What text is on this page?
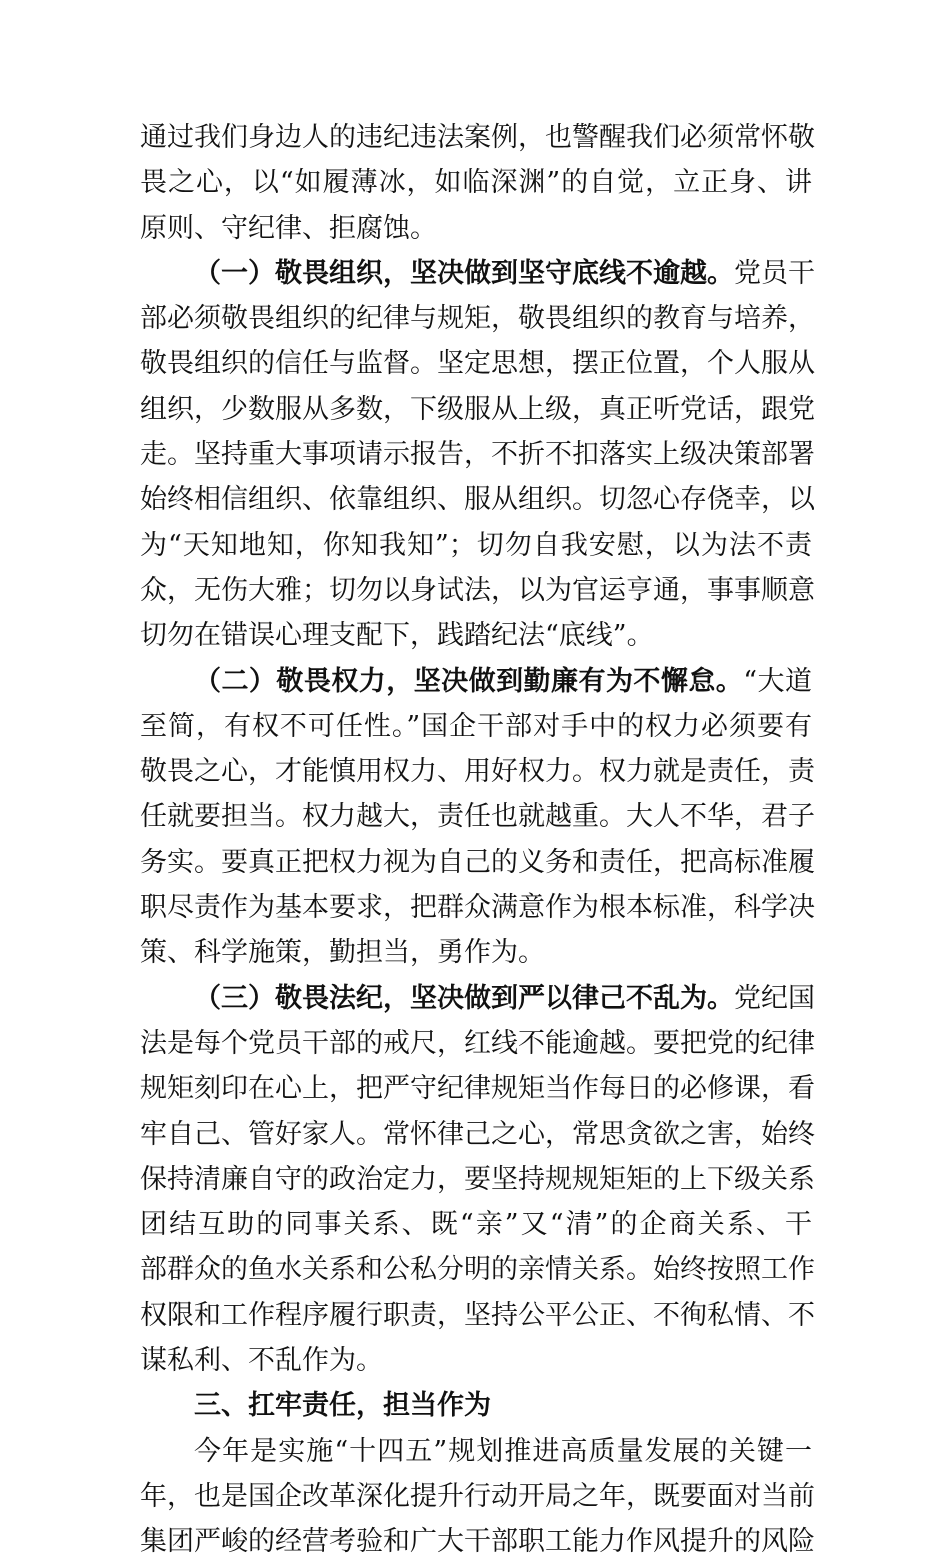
通过我们身边人的违纪违法案例，也警醒我们必须常怀敬
畏之心，以“如履薄冰，如临深渊”的自觉，立正身、讲
原则、守纪律、拒腐蚀。
（一）敬畏组织，坚决做到坚守底线不逾越。党员干
部必须敬畏组织的纪律与规矩，敬畏组织的教育与培养，
敬畏组织的信任与监督。坚定思想，摆正位置，个人服从
组织，少数服从多数，下级服从上级，真正听党话，跟党
走。坚持重大事项请示报告，不折不扣落实上级决策部署
始终相信组织、依靠组织、服从组织。切忽心存侥幸，以
为“天知地知，你知我知”；切勿自我安慰，以为法不责
众，无伤大雅；切勿以身试法，以为官运亨通，事事顺意
切勿在错误心理支配下，践踏纪法“底线”。
（二）敬畏权力，坚决做到勤廉有为不懈怠。“大道
至简，有权不可任性。”国企干部对手中的权力必须要有
敬畏之心，才能慎用权力、用好权力。权力就是责任，责
任就要担当。权力越大，责任也就越重。大人不华，君子
务实。要真正把权力视为自己的义务和责任，把高标准履
职尽责作为基本要求，把群众满意作为根本标准，科学决
策、科学施策，勤担当，勇作为。
（三）敬畏法纪，坚决做到严以律己不乱为。党纪国
法是每个党员干部的戒尺，红线不能逾越。要把党的纪律
规矩刻印在心上，把严守纪律规矩当作每日的必修课，看
牢自己、管好家人。常怀律己之心，常思贪欲之害，始终
保持清廉自守的政治定力，要坚持规规矩矩的上下级关系
团结互助的同事关系、既“亲”又“清”的企商关系、干
部群众的鱼水关系和公私分明的亲情关系。始终按照工作
权限和工作程序履行职责，坚持公平公正、不徇私情、不
谋私利、不乱作为。
三、扛牢责任，担当作为
今年是实施“十四五”规划推进高质量发展的关键一
年，也是国企改革深化提升行动开局之年，既要面对当前
集团严峻的经营考验和广大干部职工能力作风提升的风险
